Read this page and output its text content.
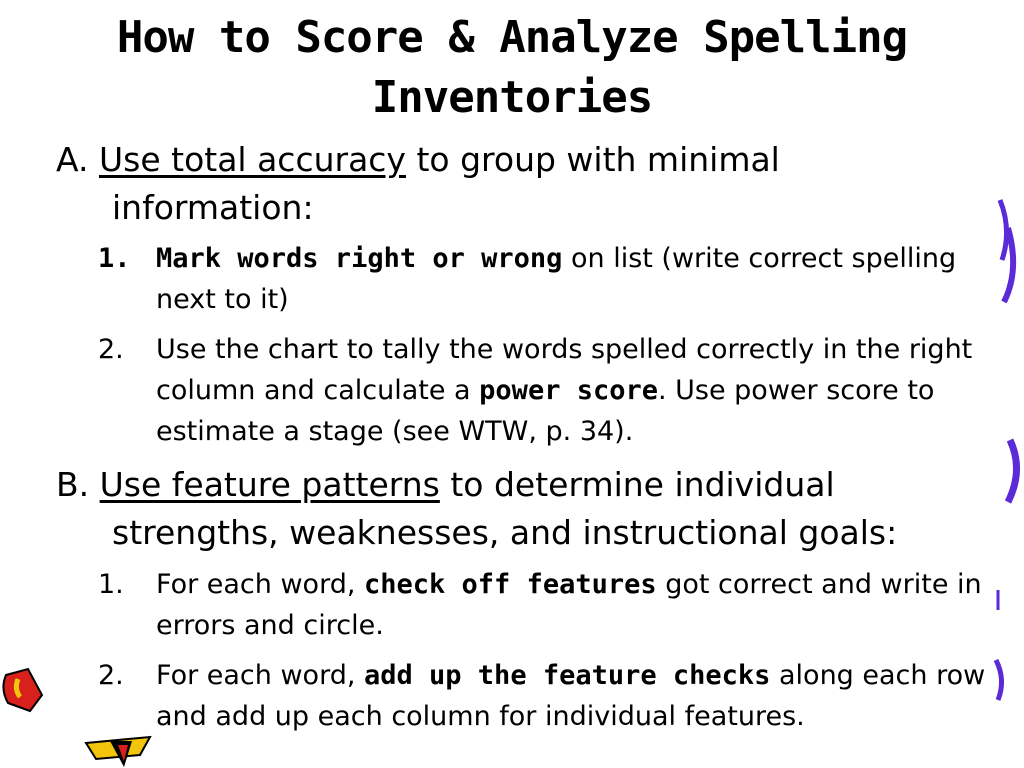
How to Score & Analyze Spelling Inventories
A. Use total accuracy to group with minimal
information:
1. Mark words right or wrong on list (write correct spelling next to it)
2. Use the chart to tally the words spelled correctly in the right column and calculate a power score. Use power score to estimate a stage (see WTW, p. 34).
B. Use feature patterns to determine individual
strengths, weaknesses, and instructional goals:
1. For each word, check off features got correct and write in errors and circle.
2. For each word, add up the feature checks along each row and add up each column for individual features.
